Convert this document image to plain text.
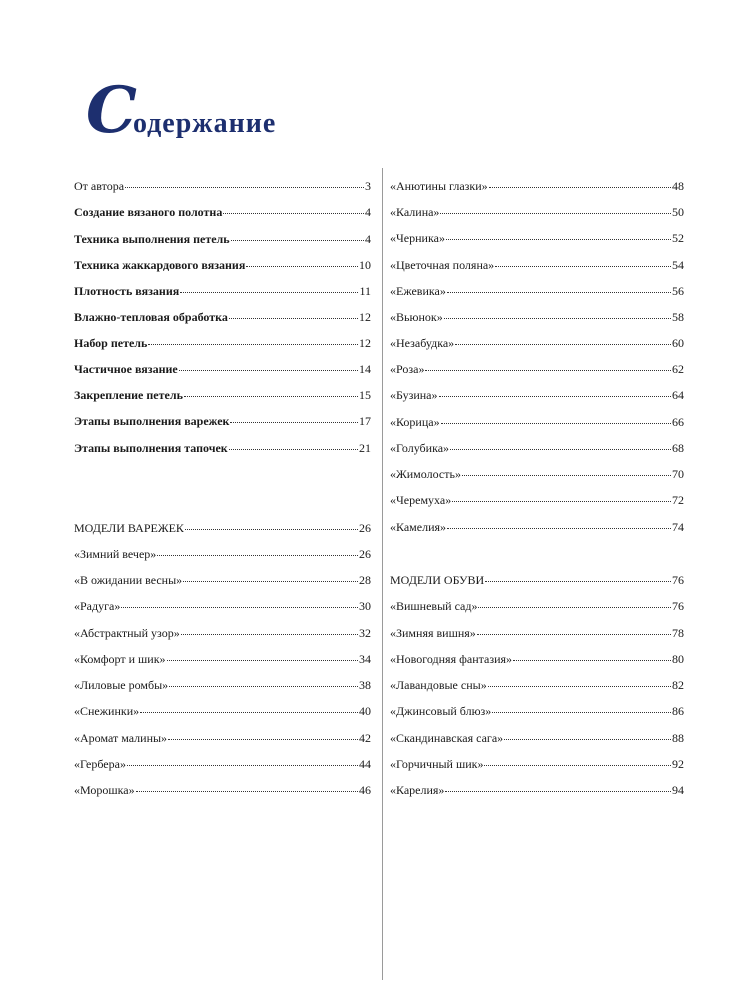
Содержание
От автора	3
Создание вязаного полотна	4
Техника выполнения петель	4
Техника жаккардового вязания	10
Плотность вязания	11
Влажно-тепловая обработка	12
Набор петель	12
Частичное вязание	14
Закрепление петель	15
Этапы выполнения варежек	17
Этапы выполнения тапочек	21
МОДЕЛИ ВАРЕЖЕК	26
«Зимний вечер»	26
«В ожидании весны»	28
«Радуга»	30
«Абстрактный узор»	32
«Комфорт и шик»	34
«Лиловые ромбы»	38
«Снежинки»	40
«Аромат малины»	42
«Гербера»	44
«Морошка»	46
«Анютины глазки»	48
«Калина»	50
«Черника»	52
«Цветочная поляна»	54
«Ежевика»	56
«Вьюнок»	58
«Незабудка»	60
«Роза»	62
«Бузина»	64
«Корица»	66
«Голубика»	68
«Жимолость»	70
«Черемуха»	72
«Камелия»	74
МОДЕЛИ ОБУВИ	76
«Вишневый сад»	76
«Зимняя вишня»	78
«Новогодняя фантазия»	80
«Лавандовые сны»	82
«Джинсовый блюз»	86
«Скандинавская сага»	88
«Горчичный шик»	92
«Карелия»	94
